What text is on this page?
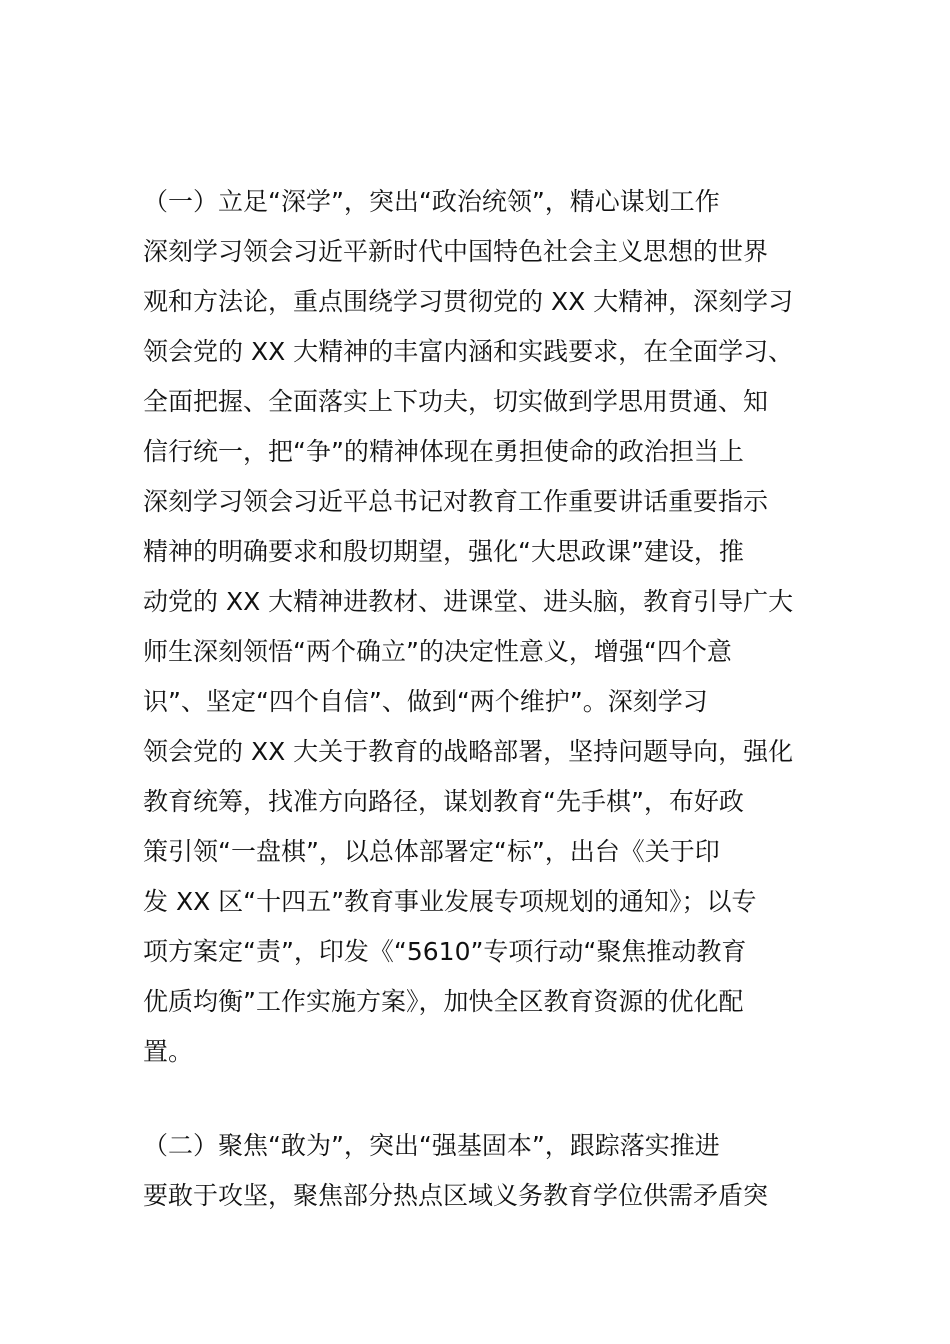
（一）立足“深学”，突出“政治统领”，精心谋划工作
深刻学习领会习近平新时代中国特色社会主义思想的世界
观和方法论，重点围绕学习贯彻党的 XX 大精神，深刻学习
领会党的 XX 大精神的丰富内涵和实践要求，在全面学习、
全面把握、全面落实上下功夫，切实做到学思用贯通、知
信行统一，把“争”的精神体现在勇担使命的政治担当上
深刻学习领会习近平总书记对教育工作重要讲话重要指示
精神的明确要求和殷切期望，强化“大思政课”建设，推
动党的 XX 大精神进教材、进课堂、进头脑，教育引导广大
师生深刻领悟“两个确立”的决定性意义，增强“四个意
识”、坚定“四个自信”、做到“两个维护”。深刻学习
领会党的 XX 大关于教育的战略部署，坚持问题导向，强化
教育统筹，找准方向路径，谋划教育“先手棋”，布好政
策引领“一盘棋”，以总体部署定“标”，出台《关于印
发 XX 区“十四五”教育事业发展专项规划的通知》；以专
项方案定“责”，印发《“5610”专项行动“聚焦推动教育
优质均衡”工作实施方案》，加快全区教育资源的优化配
置。
（二）聚焦“敢为”，突出“强基固本”，跟踪落实推进
要敢于攻坚，聚焦部分热点区域义务教育学位供需矛盾突
